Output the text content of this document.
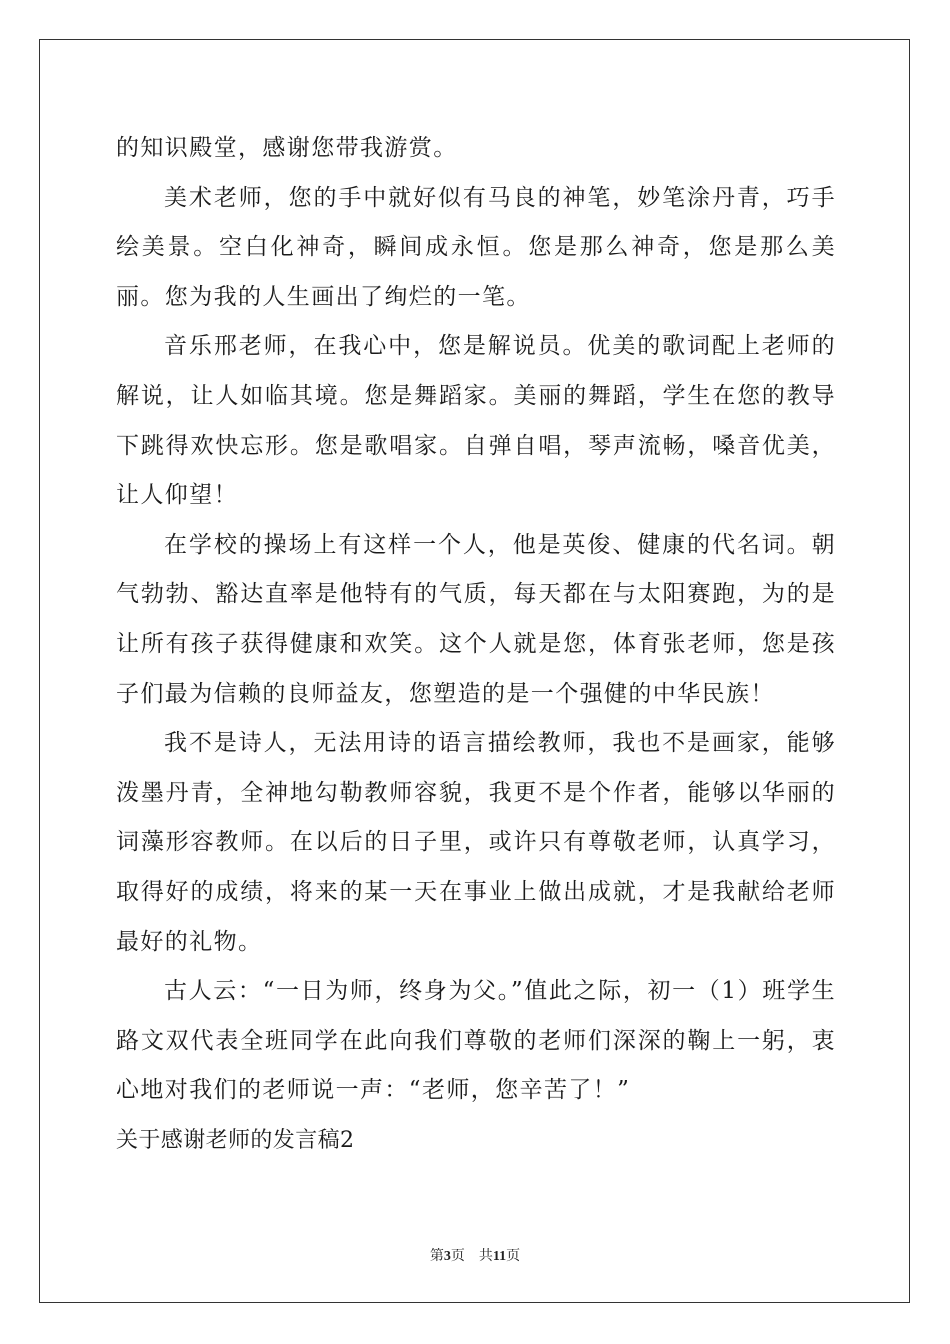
的知识殿堂，感谢您带我游赏。

美术老师，您的手中就好似有马良的神笔，妙笔涂丹青，巧手绘美景。空白化神奇，瞬间成永恒。您是那么神奇，您是那么美丽。您为我的人生画出了绚烂的一笔。

音乐邢老师，在我心中，您是解说员。优美的歌词配上老师的解说，让人如临其境。您是舞蹈家。美丽的舞蹈，学生在您的教导下跳得欢快忘形。您是歌唱家。自弹自唱，琴声流畅，嗓音优美，让人仰望！

在学校的操场上有这样一个人，他是英俊、健康的代名词。朝气勃勃、豁达直率是他特有的气质，每天都在与太阳赛跑，为的是让所有孩子获得健康和欢笑。这个人就是您，体育张老师，您是孩子们最为信赖的良师益友，您塑造的是一个强健的中华民族！

我不是诗人，无法用诗的语言描绘教师，我也不是画家，能够泼墨丹青，全神地勾勒教师容貌，我更不是个作者，能够以华丽的词藻形容教师。在以后的日子里，或许只有尊敬老师，认真学习，取得好的成绩，将来的某一天在事业上做出成就，才是我献给老师最好的礼物。

古人云：“一日为师，终身为父。”值此之际，初一（1）班学生路文双代表全班同学在此向我们尊敬的老师们深深的鞠上一躬，衷心地对我们的老师说一声：“老师，您辛苦了！”

关于感谢老师的发言稿2

第3页 共11页
